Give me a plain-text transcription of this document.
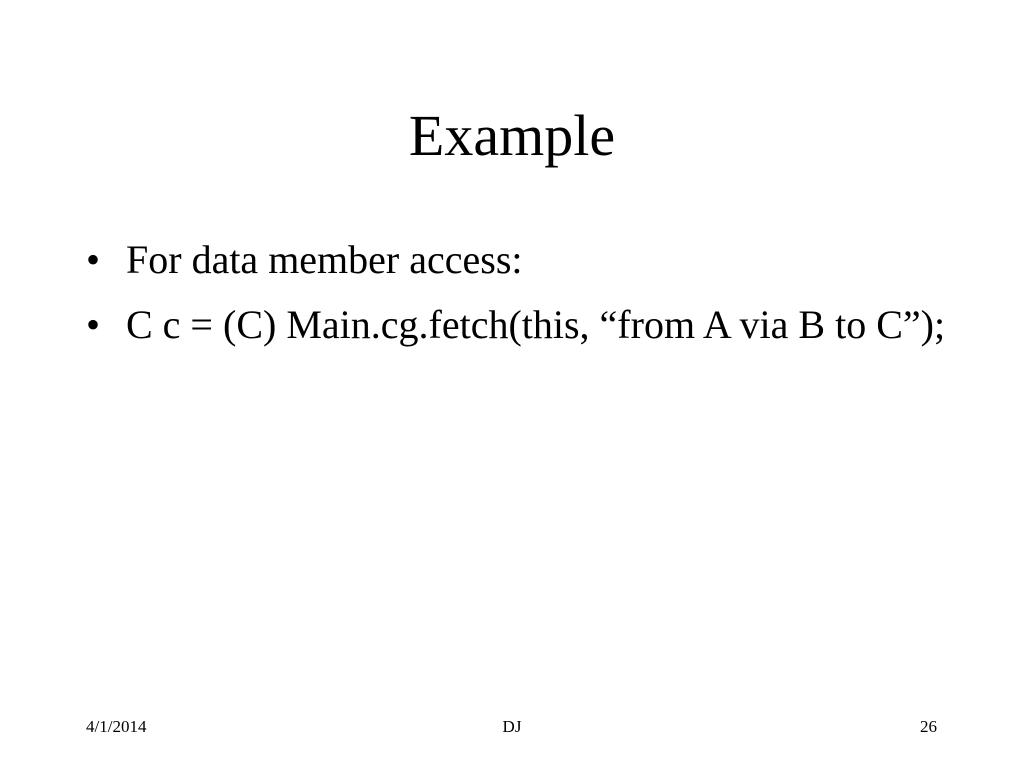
Example
• For data member access:
• C c = (C) Main.cg.fetch(this, “from A via B to C”);
4/1/2014	DJ	26
